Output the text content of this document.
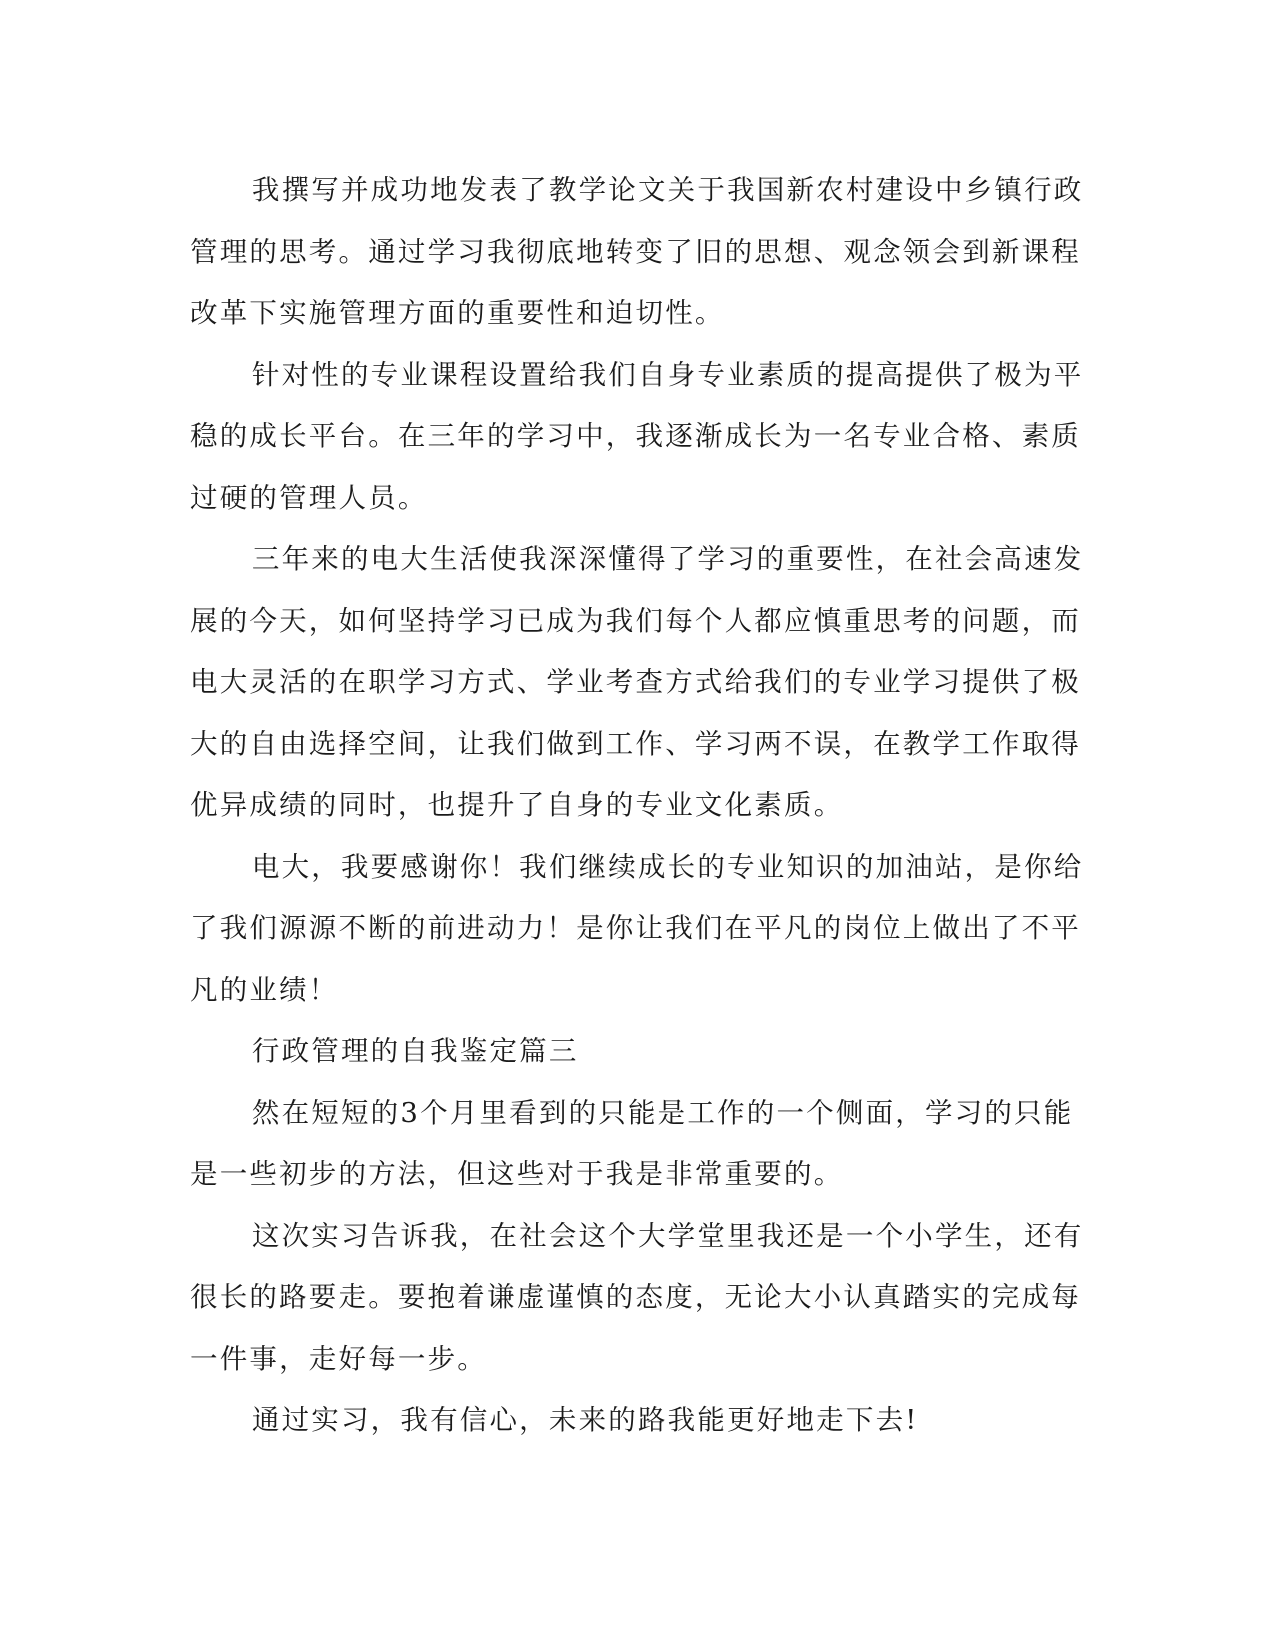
我撰写并成功地发表了教学论文关于我国新农村建设中乡镇行政
管理的思考。通过学习我彻底地转变了旧的思想、观念领会到新课程
改革下实施管理方面的重要性和迫切性。

针对性的专业课程设置给我们自身专业素质的提高提供了极为平
稳的成长平台。在三年的学习中，我逐渐成长为一名专业合格、素质
过硬的管理人员。

三年来的电大生活使我深深懂得了学习的重要性，在社会高速发
展的今天，如何坚持学习已成为我们每个人都应慎重思考的问题，而
电大灵活的在职学习方式、学业考查方式给我们的专业学习提供了极
大的自由选择空间，让我们做到工作、学习两不误，在教学工作取得
优异成绩的同时，也提升了自身的专业文化素质。

电大，我要感谢你！我们继续成长的专业知识的加油站，是你给
了我们源源不断的前进动力！是你让我们在平凡的岗位上做出了不平
凡的业绩！

行政管理的自我鉴定篇三

然在短短的3个月里看到的只能是工作的一个侧面，学习的只能
是一些初步的方法，但这些对于我是非常重要的。

这次实习告诉我，在社会这个大学堂里我还是一个小学生，还有
很长的路要走。要抱着谦虚谨慎的态度，无论大小认真踏实的完成每
一件事，走好每一步。

通过实习，我有信心，未来的路我能更好地走下去!
